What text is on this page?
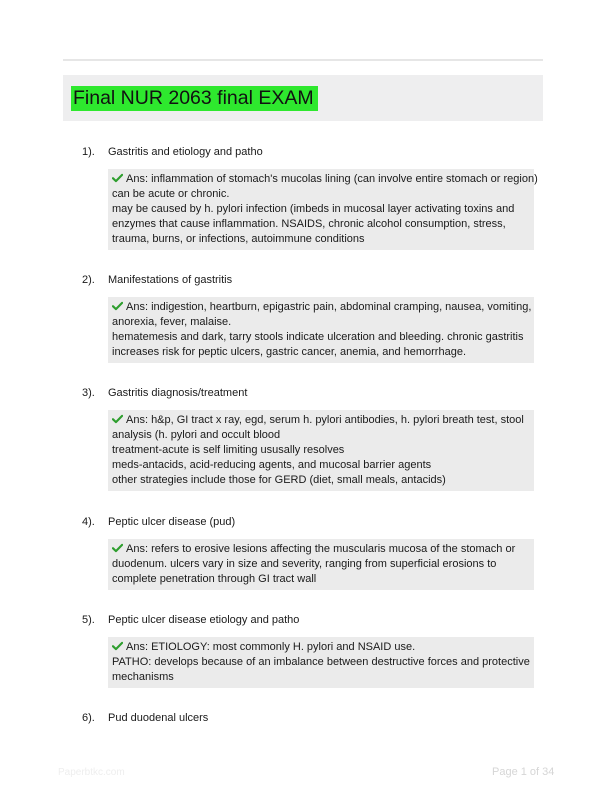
Final NUR 2063 final EXAM
1). Gastritis and etiology and patho
Ans: inflammation of stomach's mucolas lining (can involve entire stomach or region)
can be acute or chronic.
may be caused by h. pylori infection (imbeds in mucosal layer activating toxins and
enzymes that cause inflammation. NSAIDS, chronic alcohol consumption, stress,
trauma, burns, or infections, autoimmune conditions
2). Manifestations of gastritis
Ans: indigestion, heartburn, epigastric pain, abdominal cramping, nausea, vomiting,
anorexia, fever, malaise.
hematemesis and dark, tarry stools indicate ulceration and bleeding. chronic gastritis
increases risk for peptic ulcers, gastric cancer, anemia, and hemorrhage.
3). Gastritis diagnosis/treatment
Ans: h&p, GI tract x ray, egd, serum h. pylori antibodies, h. pylori breath test, stool
analysis (h. pylori and occult blood
treatment-acute is self limiting ususally resolves
meds-antacids, acid-reducing agents, and mucosal barrier agents
other strategies include those for GERD (diet, small meals, antacids)
4). Peptic ulcer disease (pud)
Ans: refers to erosive lesions affecting the muscularis mucosa of the stomach or
duodenum. ulcers vary in size and severity, ranging from superficial erosions to
complete penetration through GI tract wall
5). Peptic ulcer disease etiology and patho
Ans: ETIOLOGY: most commonly H. pylori and NSAID use.
PATHO: develops because of an imbalance between destructive forces and protective
mechanisms
6). Pud duodenal ulcers
Paperbtkc.com	Page 1 of 34
